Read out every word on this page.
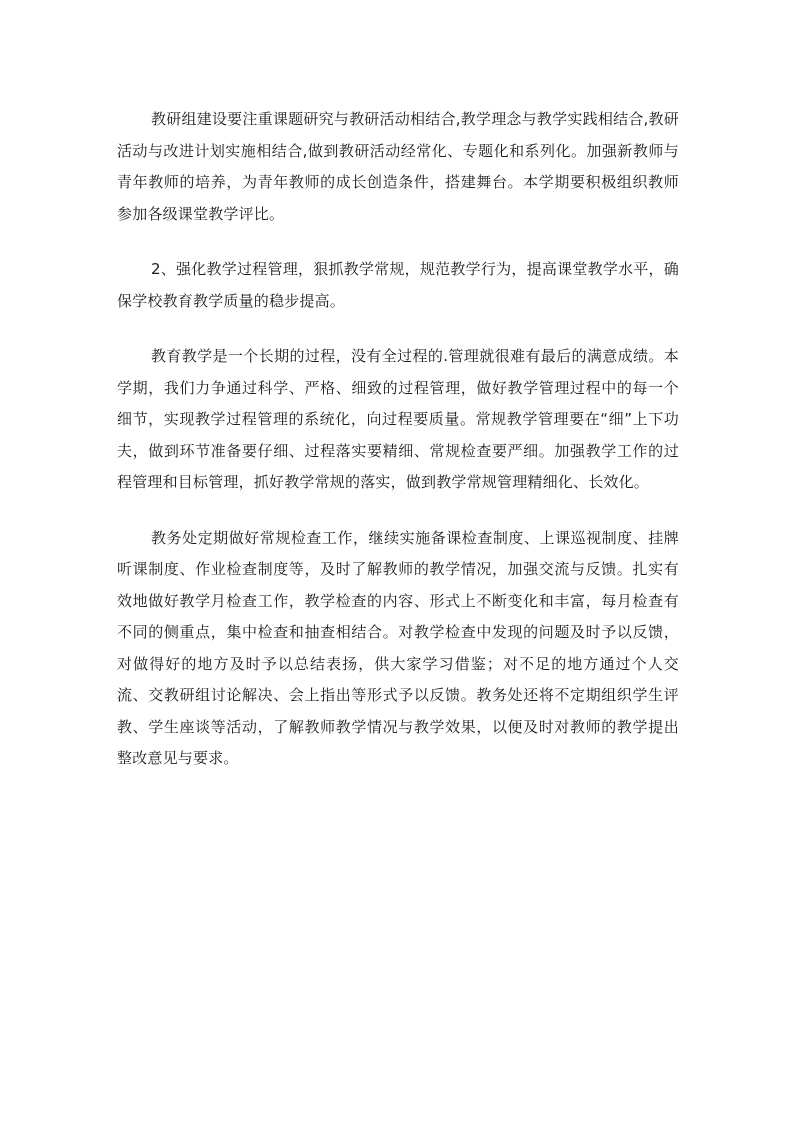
教研组建设要注重课题研究与教研活动相结合,教学理念与教学实践相结合,教研活动与改进计划实施相结合,做到教研活动经常化、专题化和系列化。加强新教师与青年教师的培养，为青年教师的成长创造条件，搭建舞台。本学期要积极组织教师参加各级课堂教学评比。

2、强化教学过程管理，狠抓教学常规，规范教学行为，提高课堂教学水平，确保学校教育教学质量的稳步提高。

教育教学是一个长期的过程，没有全过程的.管理就很难有最后的满意成绩。本学期，我们力争通过科学、严格、细致的过程管理，做好教学管理过程中的每一个细节，实现教学过程管理的系统化，向过程要质量。常规教学管理要在“细”上下功夫，做到环节准备要仔细、过程落实要精细、常规检查要严细。加强教学工作的过程管理和目标管理，抓好教学常规的落实，做到教学常规管理精细化、长效化。

教务处定期做好常规检查工作，继续实施备课检查制度、上课巡视制度、挂牌听课制度、作业检查制度等，及时了解教师的教学情况，加强交流与反馈。扎实有效地做好教学月检查工作，教学检查的内容、形式上不断变化和丰富，每月检查有不同的侧重点，集中检查和抽查相结合。对教学检查中发现的问题及时予以反馈，对做得好的地方及时予以总结表扬，供大家学习借鉴；对不足的地方通过个人交流、交教研组讨论解决、会上指出等形式予以反馈。教务处还将不定期组织学生评教、学生座谈等活动，了解教师教学情况与教学效果，以便及时对教师的教学提出整改意见与要求。
